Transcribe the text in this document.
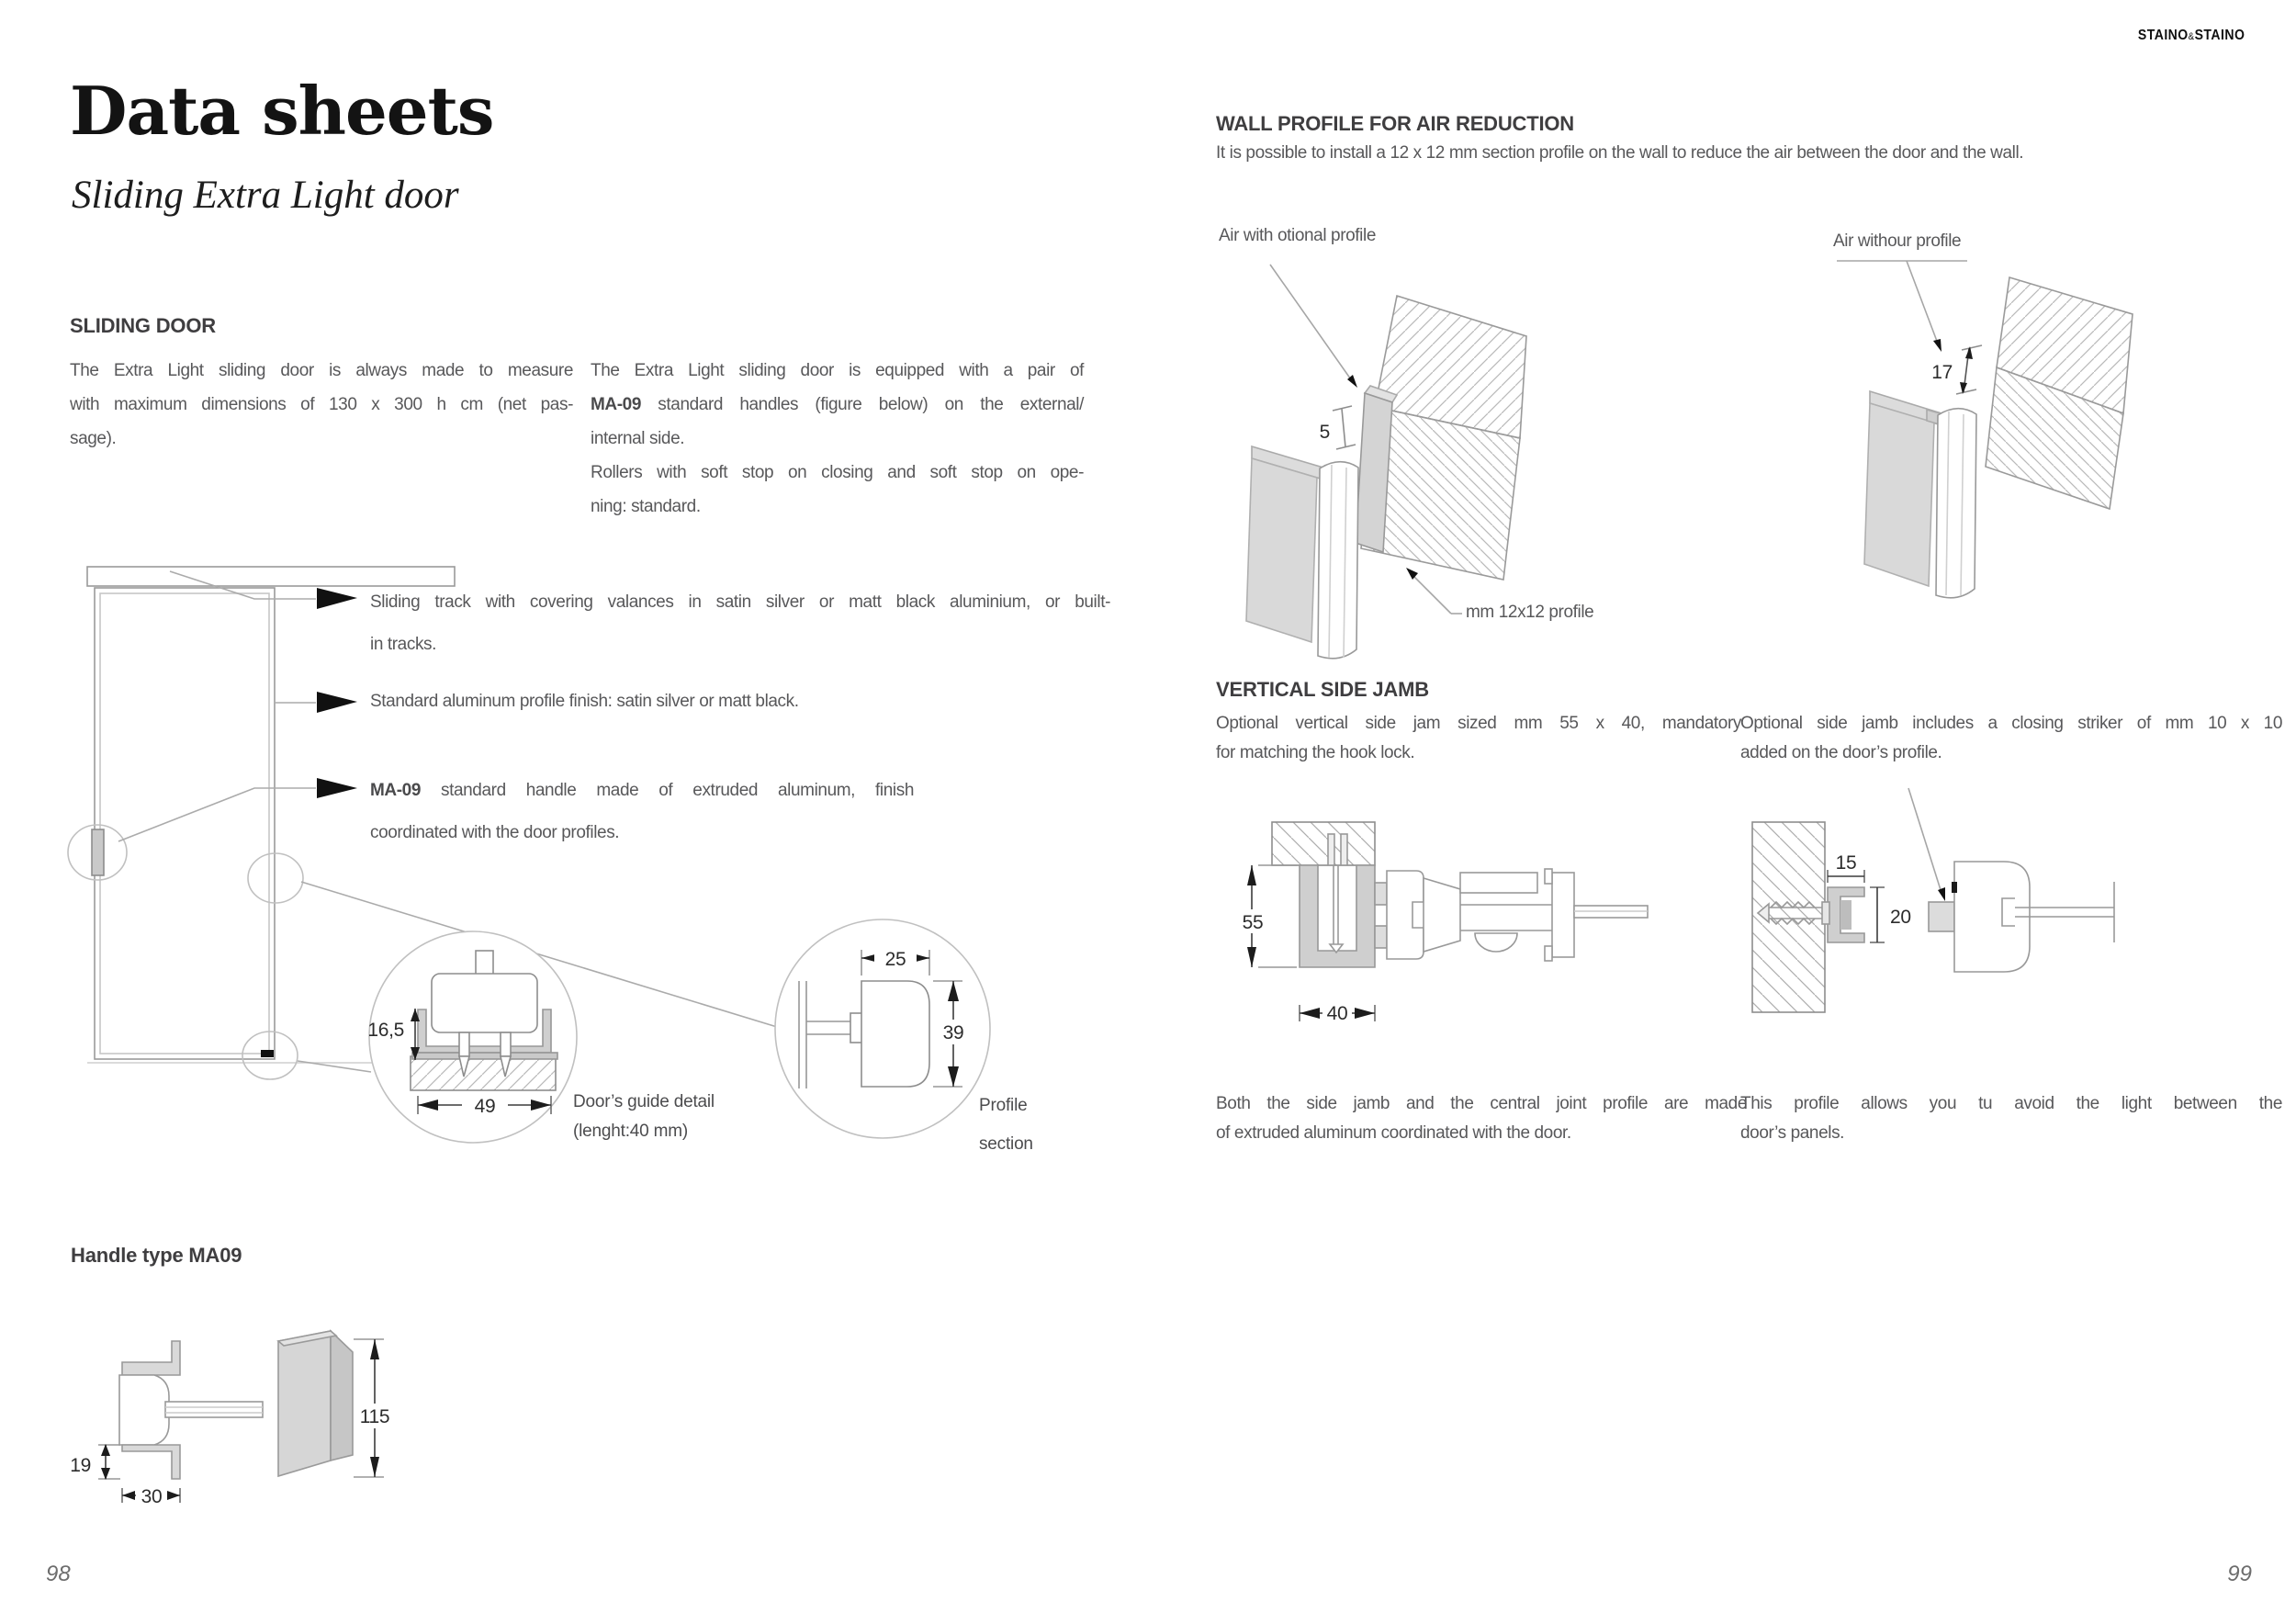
16,5
49
25
39
19
30
115
5
17
55
40
15
20
STAINO&STAINO
Data sheets
Sliding Extra Light door
SLIDING DOOR
The Extra Light sliding door is always made to measure
with maximum dimensions of 130 x 300 h cm (net pas-
sage).
The Extra Light sliding door is equipped with a pair of
MA-09 standard handles (figure below) on the external/
internal side.
Rollers with soft stop on closing and soft stop on ope-
ning: standard.
Sliding track with covering valances in satin silver or matt black aluminium, or built-
in tracks.
Standard aluminum profile finish: satin silver or matt black.
MA-09 standard handle made of extruded aluminum, finish
coordinated with the door profiles.
Door’s guide detail
(lenght:40 mm)
Profile
section
Handle type MA09
WALL PROFILE FOR AIR REDUCTION
It is possible to install a 12 x 12 mm section profile on the wall to reduce the air between the door and the wall.
Air with otional profile	Air withour profile
mm 12x12 profile
VERTICAL SIDE JAMB
Optional vertical side jam sized mm 55 x 40, mandatory
for matching the hook lock.
Optional side jamb includes a closing striker of mm 10 x 10
added on the door’s profile.
Both the side jamb and the central joint profile are made
of extruded aluminum coordinated with the door.
This profile allows you tu avoid the light between the
door’s panels.
98	99
